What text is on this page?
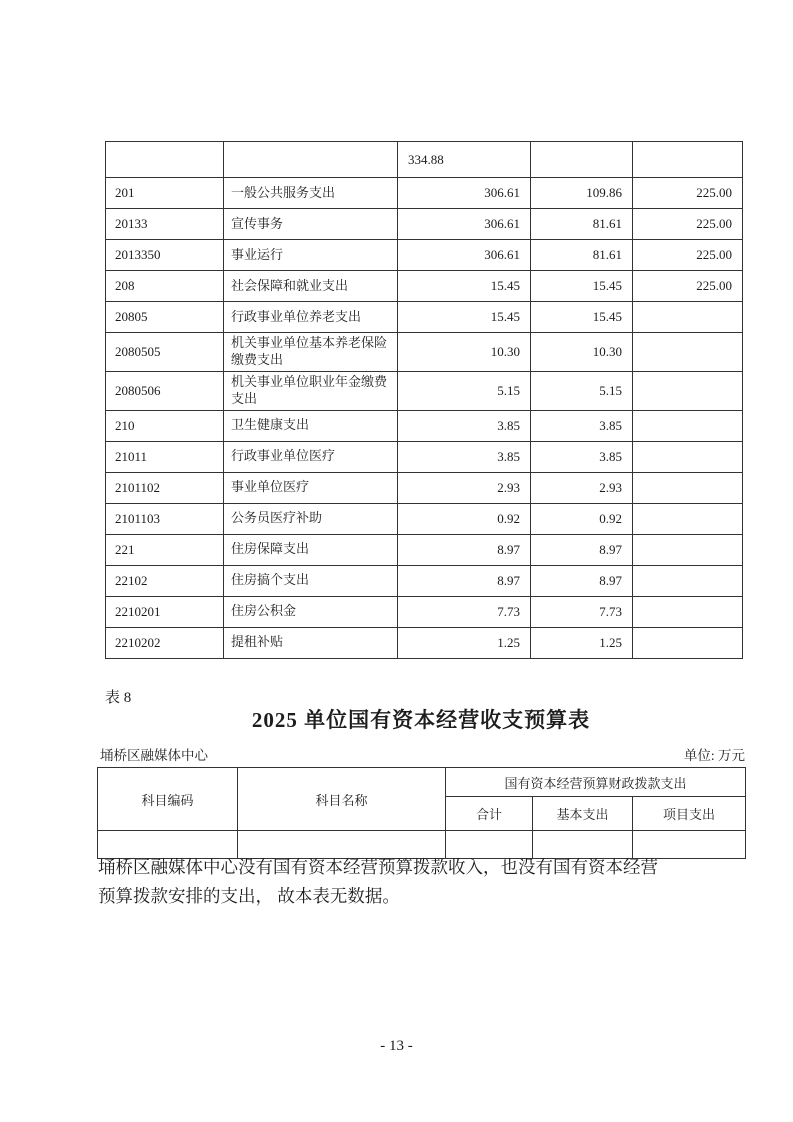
		334.88		
201	一般公共服务支出	306.61	109.86	225.00
20133	宣传事务	306.61	81.61	225.00
2013350	事业运行	306.61	81.61	225.00
208	社会保障和就业支出	15.45	15.45	225.00
20805	行政事业单位养老支出	15.45	15.45	
2080505	机关事业单位基本养老保险缴费支出	10.30	10.30	
2080506	机关事业单位职业年金缴费支出	5.15	5.15	
210	卫生健康支出	3.85	3.85	
21011	行政事业单位医疗	3.85	3.85	
2101102	事业单位医疗	2.93	2.93	
2101103	公务员医疗补助	0.92	0.92	
221	住房保障支出	8.97	8.97	
22102	住房搞个支出	8.97	8.97	
2210201	住房公积金	7.73	7.73	
2210202	提租补贴	1.25	1.25	
表 8
2025 单位国有资本经营收支预算表
埇桥区融媒体中心	单位: 万元
科目编码	科目名称	国有资本经营预算财政拨款支出		
		合计	基本支出	项目支出

埇桥区融媒体中心没有国有资本经营预算拨款收入，也没有国有资本经营
预算拨款安排的支出， 故本表无数据。
- 13 -
